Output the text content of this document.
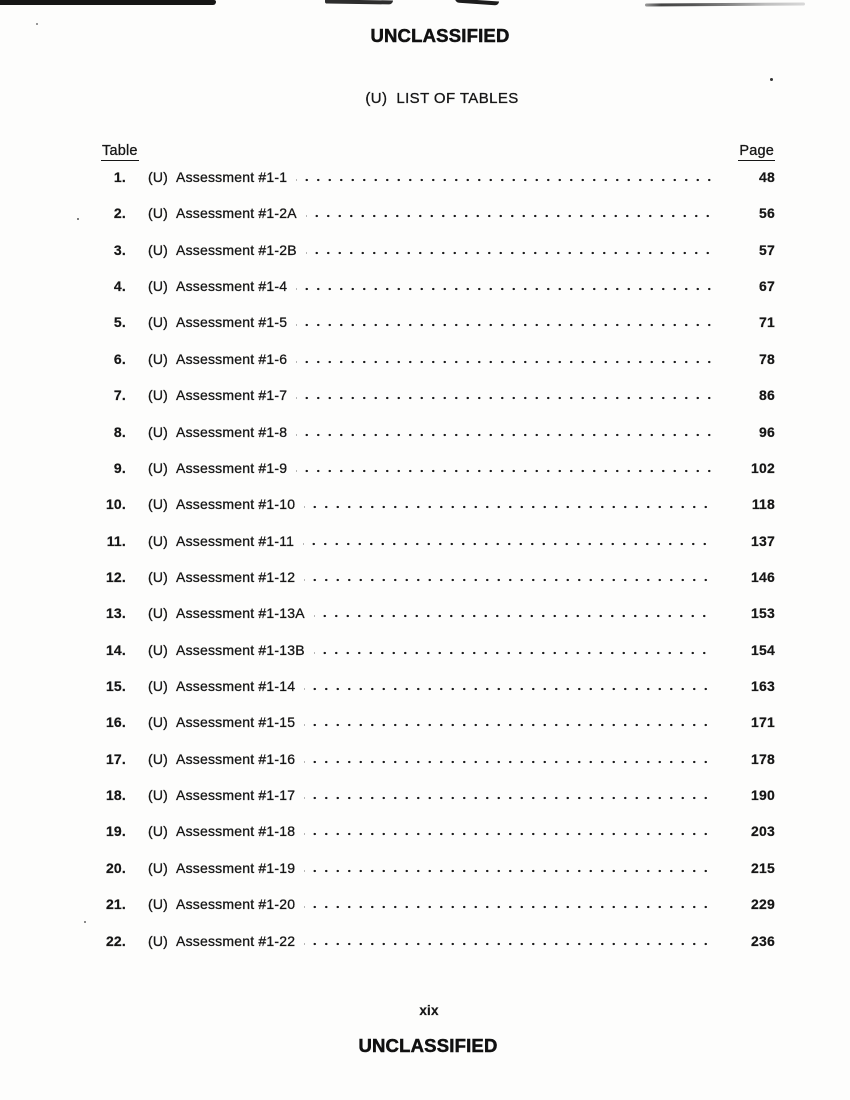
UNCLASSIFIED
(U) LIST OF TABLES
Table	Page
1. (U) Assessment #1-1	48
2. (U) Assessment #1-2A	56
3. (U) Assessment #1-2B	57
4. (U) Assessment #1-4	67
5. (U) Assessment #1-5	71
6. (U) Assessment #1-6	78
7. (U) Assessment #1-7	86
8. (U) Assessment #1-8	96
9. (U) Assessment #1-9	102
10. (U) Assessment #1-10	118
11. (U) Assessment #1-11	137
12. (U) Assessment #1-12	146
13. (U) Assessment #1-13A	153
14. (U) Assessment #1-13B	154
15. (U) Assessment #1-14	163
16. (U) Assessment #1-15	171
17. (U) Assessment #1-16	178
18. (U) Assessment #1-17	190
19. (U) Assessment #1-18	203
20. (U) Assessment #1-19	215
21. (U) Assessment #1-20	229
22. (U) Assessment #1-22	236
xix
UNCLASSIFIED
